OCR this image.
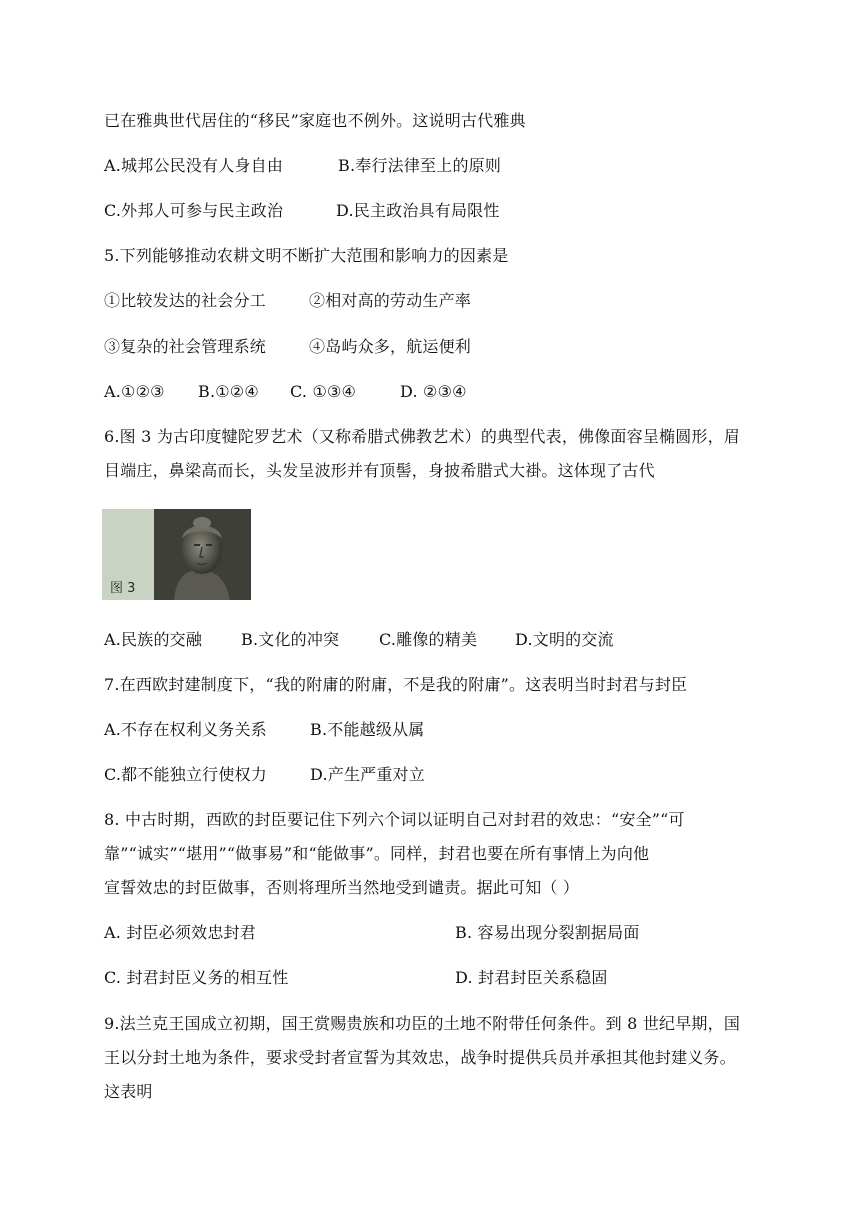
已在雅典世代居住的“移民”家庭也不例外。这说明古代雅典
A.城邦公民没有人身自由	B.奉行法律至上的原则
C.外邦人可参与民主政治	D.民主政治具有局限性
5.下列能够推动农耕文明不断扩大范围和影响力的因素是
①比较发达的社会分工	②相对高的劳动生产率
③复杂的社会管理系统	④岛屿众多，航运便利
A.①②③ B.①②④ C. ①③④	D. ②③④
6.图 3 为古印度犍陀罗艺术（又称希腊式佛教艺术）的典型代表，佛像面容呈椭圆形，眉
目端庄，鼻梁高而长，头发呈波形并有顶髻，身披希腊式大褂。这体现了古代
图 3
A.民族的交融 B.文化的冲突 C.雕像的精美 D.文明的交流
7.在西欧封建制度下，“我的附庸的附庸，不是我的附庸”。这表明当时封君与封臣
A.不存在权利义务关系	B.不能越级从属
C.都不能独立行使权力	D.产生严重对立
8. 中古时期，西欧的封臣要记住下列六个词以证明自己对封君的效忠：“安全”“可
靠”“诚实”“堪用”“做事易”和“能做事”。同样，封君也要在所有事情上为向他
宣誓效忠的封臣做事，否则将理所当然地受到谴责。据此可知（ ）
A. 封臣必须效忠封君	B. 容易出现分裂割据局面
C. 封君封臣义务的相互性	D. 封君封臣关系稳固
9.法兰克王国成立初期，国王赏赐贵族和功臣的土地不附带任何条件。到 8 世纪早期，国
王以分封土地为条件，要求受封者宣誓为其效忠，战争时提供兵员并承担其他封建义务。
这表明
